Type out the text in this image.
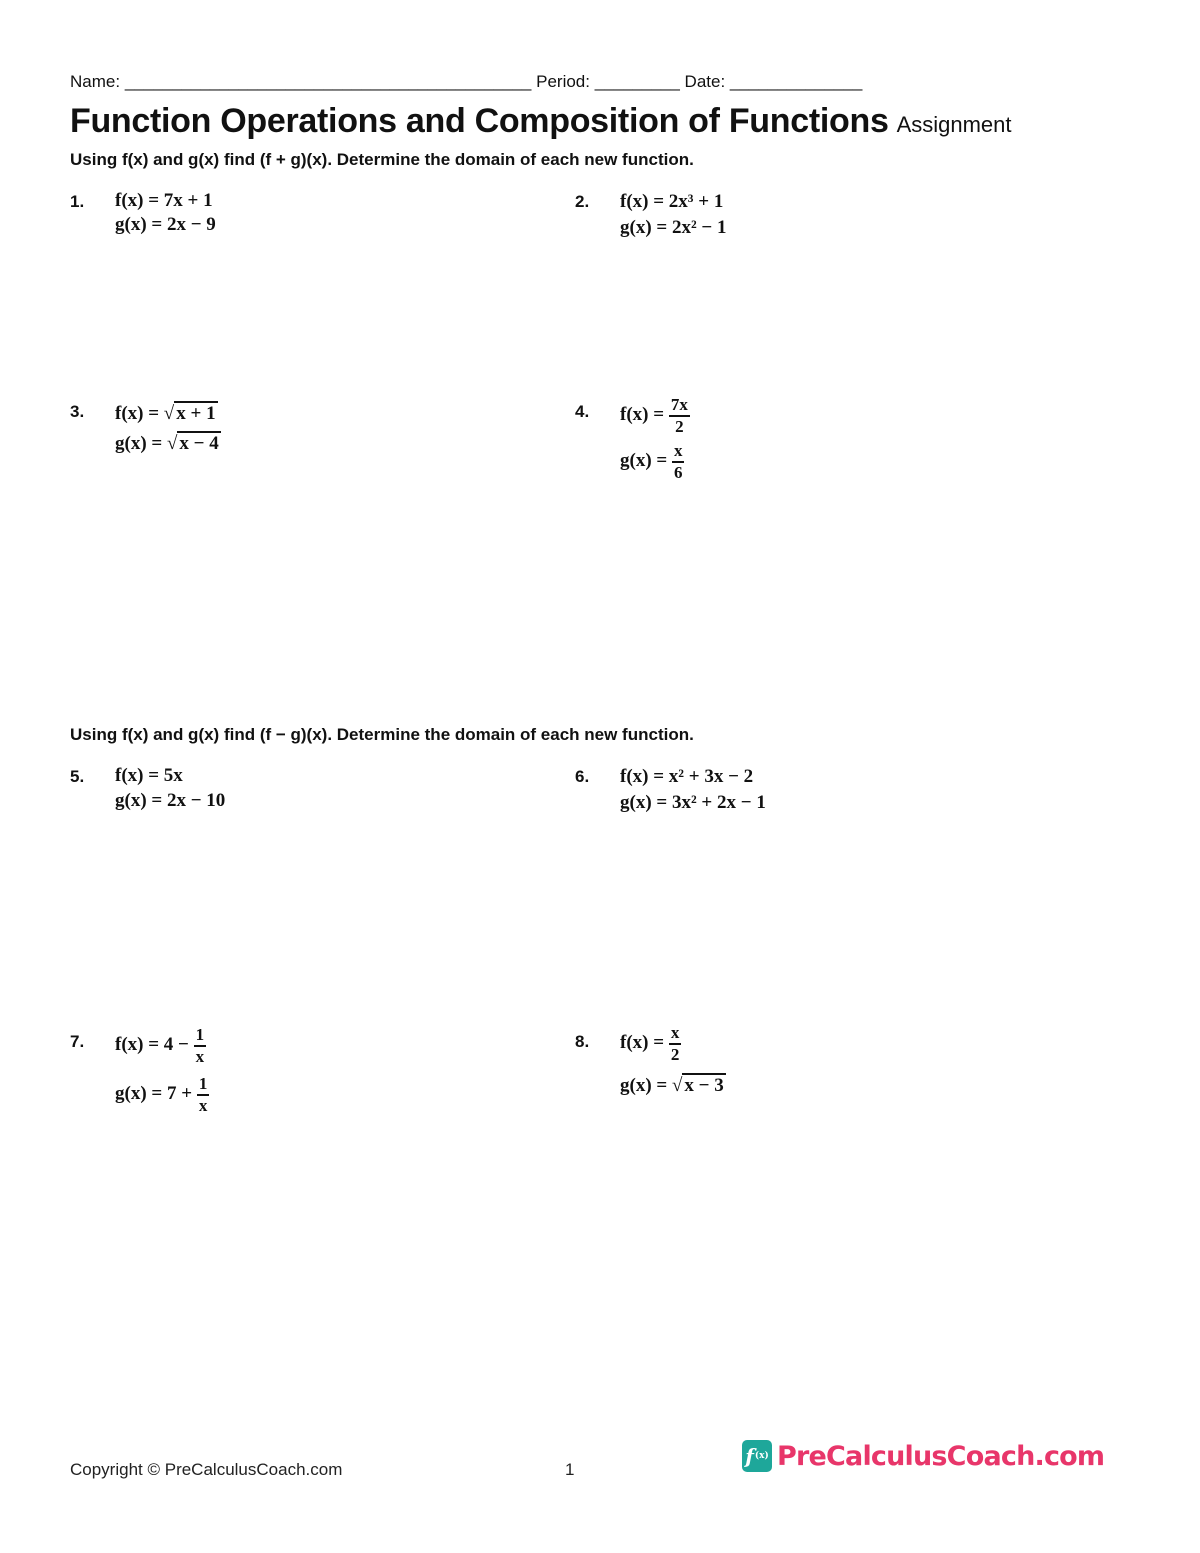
Name: ___________________________________________ Period: _________ Date: ______________
Function Operations and Composition of Functions Assignment
Using f(x) and g(x) find (f + g)(x). Determine the domain of each new function.
1. f(x) = 7x + 1
g(x) = 2x − 9
2. f(x) = 2x³ + 1
g(x) = 2x² − 1
3. f(x) = √ x + 1
g(x) = √ x − 4
4. $f(x) = \frac{7x}{2}$
$g(x) = \frac{x}{6}$
Using f(x) and g(x) find (f − g)(x). Determine the domain of each new function.
5. f(x) = 5x
g(x) = 2x − 10
6. f(x) = x² + 3x − 2
g(x) = 3x² + 2x − 1
7. $f(x) = 4 - \frac{1}{x}$
$g(x) = 7 + \frac{1}{x}$
8. $f(x) = \frac{x}{2}$
g(x) = √ x − 3
Copyright © PreCalculusCoach.com	1
f (x) PreCalculusCoach.com
